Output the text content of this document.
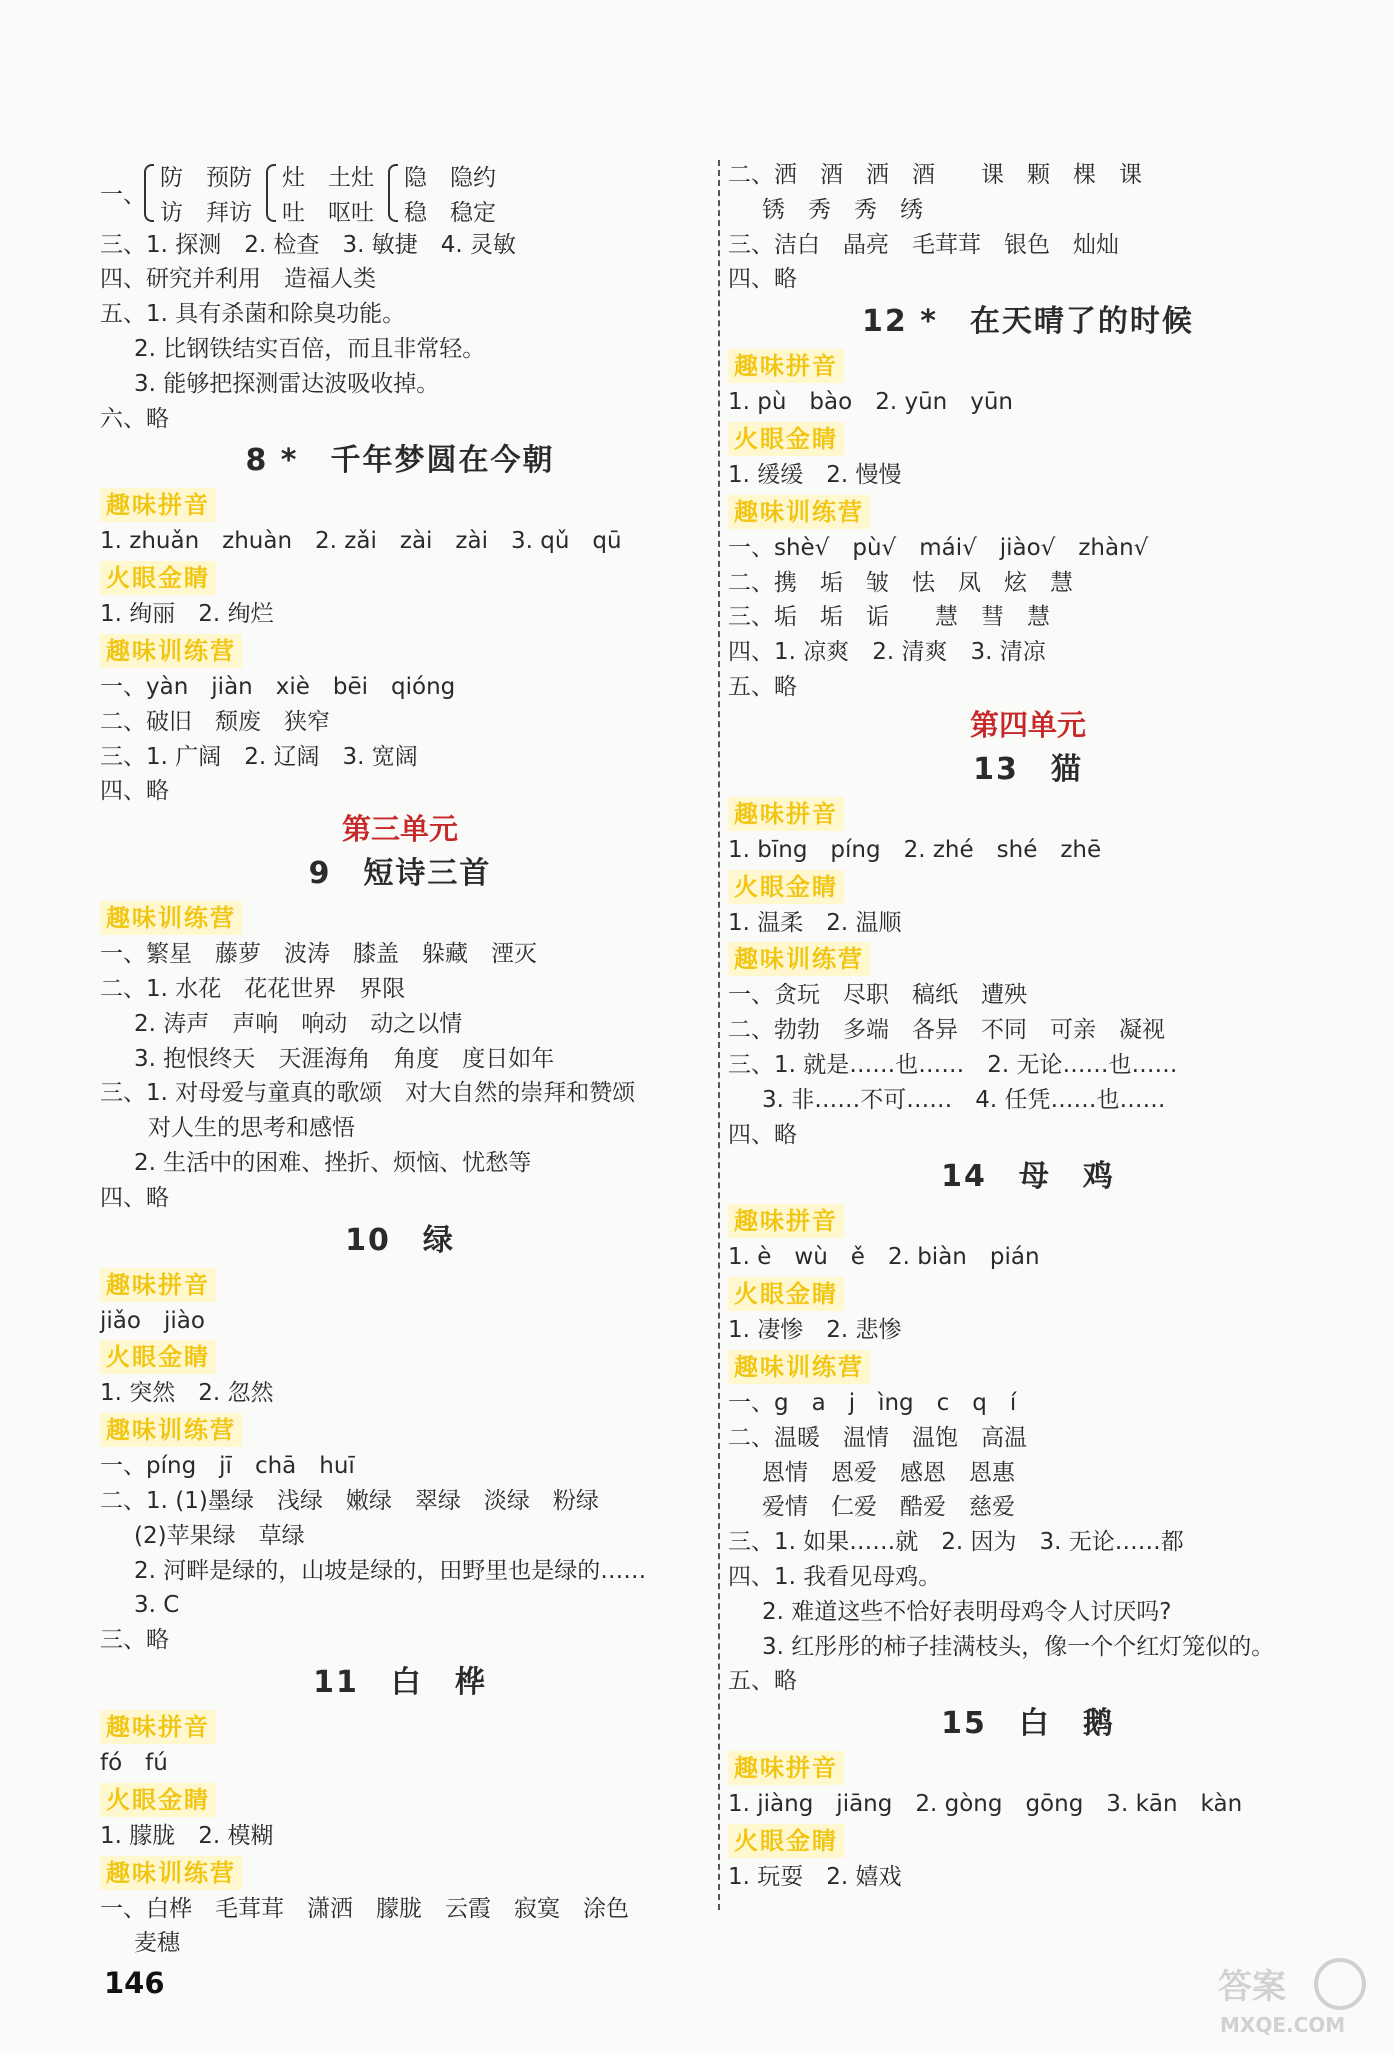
一、
防　预防
访　拜访
灶　土灶
吐　呕吐
隐　隐约
稳　稳定
三、1. 探测　2. 检查　3. 敏捷　4. 灵敏
四、研究并利用　造福人类
五、1. 具有杀菌和除臭功能。
2. 比钢铁结实百倍，而且非常轻。
3. 能够把探测雷达波吸收掉。
六、略
8 *　千年梦圆在今朝
趣味拼音
1. zhuǎn　zhuàn　2. zǎi　zài　zài　3. qǔ　qū
火眼金睛
1. 绚丽　2. 绚烂
趣味训练营
一、yàn　jiàn　xiè　bēi　qióng
二、破旧　颓废　狭窄
三、1. 广阔　2. 辽阔　3. 宽阔
四、略
第三单元
9　短诗三首
趣味训练营
一、繁星　藤萝　波涛　膝盖　躲藏　湮灭
二、1. 水花　花花世界　界限
2. 涛声　声响　响动　动之以情
3. 抱恨终天　天涯海角　角度　度日如年
三、1. 对母爱与童真的歌颂　对大自然的崇拜和赞颂
对人生的思考和感悟
2. 生活中的困难、挫折、烦恼、忧愁等
四、略
10　绿
趣味拼音
jiǎo　jiào
火眼金睛
1. 突然　2. 忽然
趣味训练营
一、píng　jī　chā　huī
二、1. (1)墨绿　浅绿　嫩绿　翠绿　淡绿　粉绿
(2)苹果绿　草绿
2. 河畔是绿的，山坡是绿的，田野里也是绿的……
3. C
三、略
11　白　桦
趣味拼音
fó　fú
火眼金睛
1. 朦胧　2. 模糊
趣味训练营
一、白桦　毛茸茸　潇洒　朦胧　云霞　寂寞　涂色
麦穗
二、洒　酒　洒　酒　　课　颗　棵　课
锈　秀　秀　绣
三、洁白　晶亮　毛茸茸　银色　灿灿
四、略
12 *　在天晴了的时候
趣味拼音
1. pù　bào　2. yūn　yūn
火眼金睛
1. 缓缓　2. 慢慢
趣味训练营
一、shè√　pù√　mái√　jiào√　zhàn√
二、携　垢　皱　怯　凤　炫　慧
三、垢　垢　诟　　慧　彗　慧
四、1. 凉爽　2. 清爽　3. 清凉
五、略
第四单元
13　猫
趣味拼音
1. bīng　píng　2. zhé　shé　zhē
火眼金睛
1. 温柔　2. 温顺
趣味训练营
一、贪玩　尽职　稿纸　遭殃
二、勃勃　多端　各异　不同　可亲　凝视
三、1. 就是……也……　2. 无论……也……
3. 非……不可……　4. 任凭……也……
四、略
14　母　鸡
趣味拼音
1. è　wù　ě　2. biàn　pián
火眼金睛
1. 凄惨　2. 悲惨
趣味训练营
一、g　a　j　ìng　c　q　í
二、温暖　温情　温饱　高温
恩情　恩爱　感恩　恩惠
爱情　仁爱　酷爱　慈爱
三、1. 如果……就　2. 因为　3. 无论……都
四、1. 我看见母鸡。
2. 难道这些不恰好表明母鸡令人讨厌吗?
3. 红彤彤的柿子挂满枝头，像一个个红灯笼似的。
五、略
15　白　鹅
趣味拼音
1. jiàng　jiāng　2. gòng　gōng　3. kān　kàn
火眼金睛
1. 玩耍　2. 嬉戏
146	答案
MXQE.COM
